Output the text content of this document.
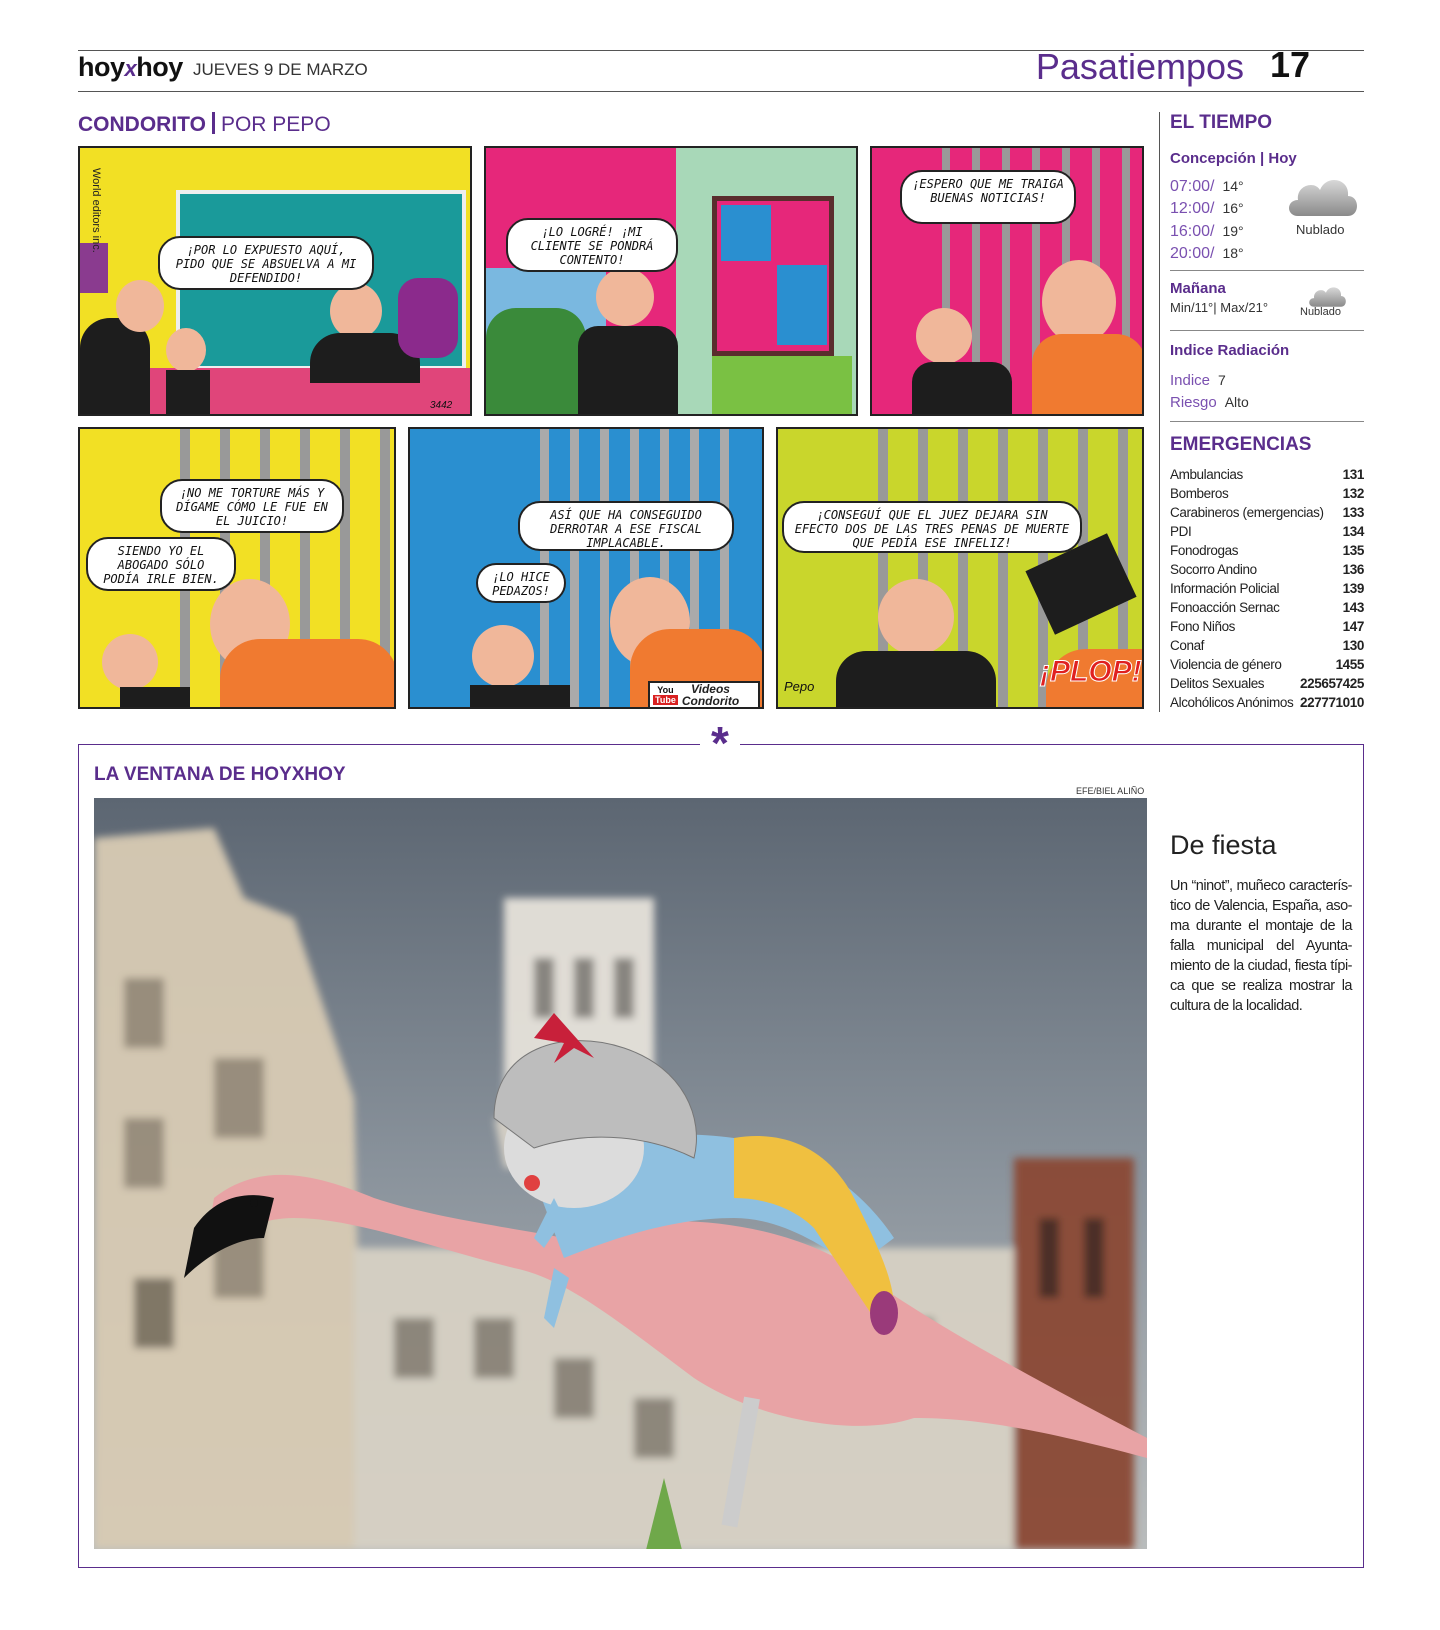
hoyxhoy JUEVES 9 DE MARZO	Pasatiempos 17
CONDORITO POR PEPO
World editors inc.	¡POR LO EXPUESTO AQUÍ, PIDO QUE SE ABSUELVA A MI DEFENDIDO!
3442
¡LO LOGRÉ! ¡MI CLIENTE SE PONDRÁ CONTENTO!
¡ESPERO QUE ME TRAIGA BUENAS NOTICIAS!
¡NO ME TORTURE MÁS Y DÍGAME CÓMO LE FUE EN EL JUICIO!
SIENDO YO EL ABOGADO SÓLO PODÍA IRLE BIEN.
ASÍ QUE HA CONSEGUIDO DERROTAR A ESE FISCAL IMPLACABLE.
¡LO HICE PEDAZOS!
You
Tube
Videos
Condorito
¡PLOP!
¡CONSEGUÍ QUE EL JUEZ DEJARA SIN EFECTO DOS DE LAS TRES PENAS DE MUERTE QUE PEDÍA ESE INFELIZ!
Pepo
EL TIEMPO
Concepción | Hoy
07:00/ 14°
12:00/ 16°
16:00/ 19°
20:00/ 18°
Nublado
Mañana
Min/11°| Max/21°	Nublado
Indice Radiación
Indice 7
Riesgo Alto
EMERGENCIAS
Ambulancias	131
Bomberos	132
Carabineros (emergencias) 133
PDI	134
Fonodrogas	135
Socorro Andino	136
Información Policial	139
Fonoacción Sernac	143
Fono Niños	147
Conaf	130
Violencia de género	1455
Delitos Sexuales	225657425
Alcohólicos Anónimos 227771010
*
LA VENTANA DE HOYXHOY
EFE/BIEL ALIÑO
De fiesta
Un “ninot”, muñeco caracterís-tico de Valencia, España, aso-ma durante el montaje de la falla municipal del Ayunta-miento de la ciudad, fiesta típi-ca que se realiza mostrar la cultura de la localidad.
